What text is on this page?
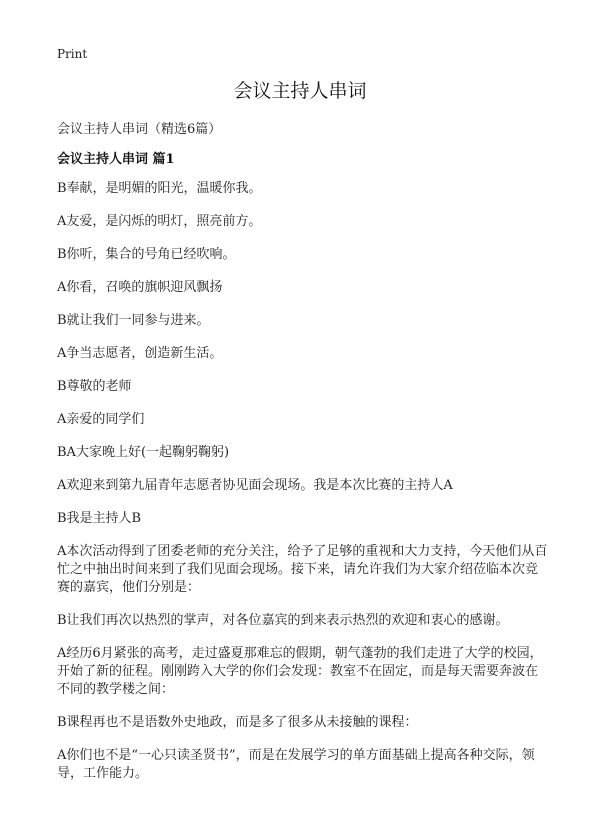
Print
会议主持人串词
会议主持人串词（精选6篇）
会议主持人串词 篇1

B奉献，是明媚的阳光，温暖你我。

A友爱，是闪烁的明灯，照亮前方。

B你听，集合的号角已经吹响。

A你看，召唤的旗帜迎风飘扬

B就让我们一同参与进来。

A争当志愿者，创造新生活。

B尊敬的老师

A亲爱的同学们

BA大家晚上好(一起鞠躬鞠躬)

A欢迎来到第九届青年志愿者协见面会现场。我是本次比赛的主持人A

B我是主持人B

A本次活动得到了团委老师的充分关注，给予了足够的重视和大力支持，今天他们从百忙之中抽出时间来到了我们见面会现场。接下来，请允许我们为大家介绍莅临本次竞赛的嘉宾，他们分别是：

B让我们再次以热烈的掌声，对各位嘉宾的到来表示热烈的欢迎和衷心的感谢。

A经历6月紧张的高考，走过盛夏那难忘的假期，朝气蓬勃的我们走进了大学的校园，开始了新的征程。刚刚跨入大学的你们会发现：教室不在固定，而是每天需要奔波在不同的教学楼之间：

B课程再也不是语数外史地政，而是多了很多从未接触的课程：

A你们也不是“一心只读圣贤书”，而是在发展学习的单方面基础上提高各种交际，领导，工作能力。
